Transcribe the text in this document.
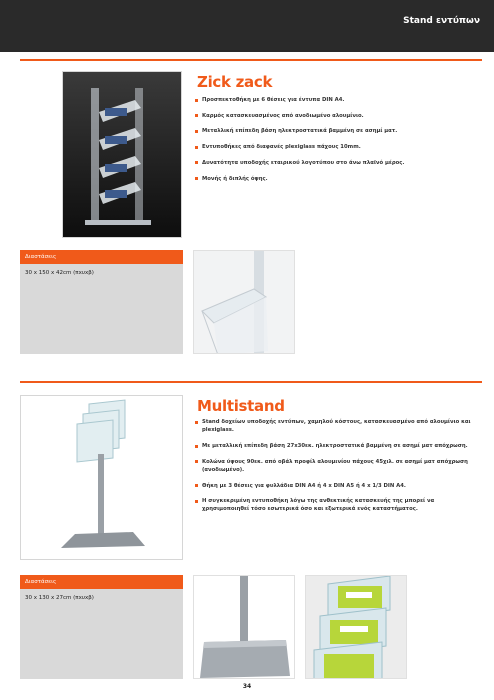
Stand εντύπων
Zick zack
Προσπεκτοθήκη με 6 θέσεις για έντυπα DIN A4.
Καρμός κατασκευασμένος από ανοδιωμένο αλουμίνιο.
Μεταλλική επίπεδη βάση ηλεκτροστατικά βαμμένη σε ασημί ματ.
Εντυποθήκες από διαφανές plexiglass πάχους 10mm.
Δυνατότητα υποδοχής εταιρικού λογοτύπου στο άνω πλαϊνό μέρος.
Μονής ή διπλής όψης.
Διαστάσεις
30 x 150 x 42cm (πxυxβ)
Multistand
Stand δοχείων υποδοχής εντύπων, χαμηλού κόστους, κατασκευασμένο από αλουμίνιο και plexiglass.
Με μεταλλική επίπεδη βάση 27x30εκ. ηλεκτροστατικά βαμμένη σε ασημί ματ απόχρωση.
Κολώνα ύψους 90εκ. από οβάλ προφίλ αλουμινίου πάχους 45χιλ. σε ασημί ματ απόχρωση (ανοδιωμένο).
Θήκη με 3 θέσεις για φυλλάδια DIN A4 ή 4 x DIN A5 ή 4 x 1/3 DIN A4.
Η συγκεκριμένη εντυποθήκη λόγω της ανθεκτικής κατασκευής της μπορεί να χρησιμοποιηθεί τόσο εσωτερικά όσο και εξωτερικά ενός καταστήματος.
Διαστάσεις
30 x 130 x 27cm (πxυxβ)
34
